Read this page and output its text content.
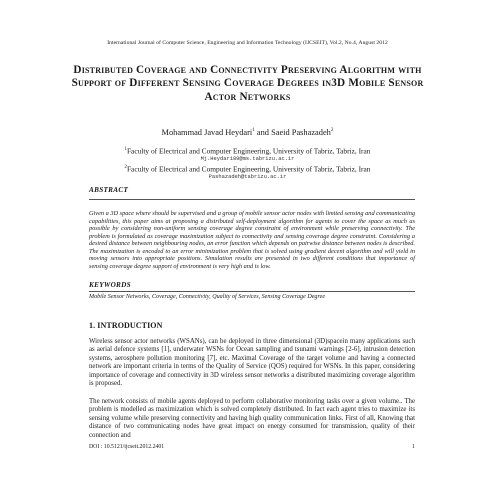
International Journal of Computer Science, Engineering and Information Technology (IJCSEIT), Vol.2, No.4, August 2012
Distributed Coverage and Connectivity Preserving Algorithm with Support of Different Sensing Coverage Degrees in3D Mobile Sensor Actor Networks
Mohammad Javad Heydari$^1$ and Saeid Pashazadeh$^2$
$^1$Faculty of Electrical and Computer Engineering, University of Tabriz, Tabriz, Iran
Mj.Heydari89@ms.tabrizu.ac.ir
$^2$Faculty of Electrical and Computer Engineering, University of Tabriz, Tabriz, Iran
Pashazadeh@tabrizu.ac.ir
ABSTRACT
Given a 3D space where should be supervised and a group of mobile sensor actor nodes with limited sensing and communicating capabilities, this paper aims at proposing a distributed self-deployment algorithm for agents to cover the space as much as possible by considering non-uniform sensing coverage degree constraint of environment while preserving connectivity. The problem is formulated as coverage maximization subject to connectivity and sensing coverage degree constraint. Considering a desired distance between neighbouring nodes, an error function which depends on pairwise distance between nodes is described. The maximization is encoded to an error minimization problem that is solved using gradient decent algorithm and will yield in moving sensors into appropriate positions. Simulation results are presented in two different conditions that importance of sensing coverage degree support of environment is very high and is low.
KEYWORDS
Mobile Sensor Networks, Coverage, Connectivity, Quality of Services, Sensing Coverage Degree
1. INTRODUCTION
Wireless sensor actor networks (WSANs), can be deployed in three dimensional (3D)spacein many applications such as aerial defence systems [1], underwater WSNs for Ocean sampling and tsunami warnings [2-6], intrusion detection systems, aerosphere pollution monitoring [7], etc. Maximal Coverage of the target volume and having a connected network are important criteria in terms of the Quality of Service (QOS) required for WSNs. In this paper, considering importance of coverage and connectivity in 3D wireless sensor networks a distributed maximizing coverage algorithm is proposed.
The network consists of mobile agents deployed to perform collaborative monitoring tasks over a given volume.. The problem is modelled as maximization which is solved completely distributed. In fact each agent tries to maximize its sensing volume while preserving connectivity and having high quality communication links. First of all, Knowing that distance of two communicating nodes have great impact on energy consumed for transmission, quality of their connection and
DOI : 10.5121/ijcseit.2012.2401	1
